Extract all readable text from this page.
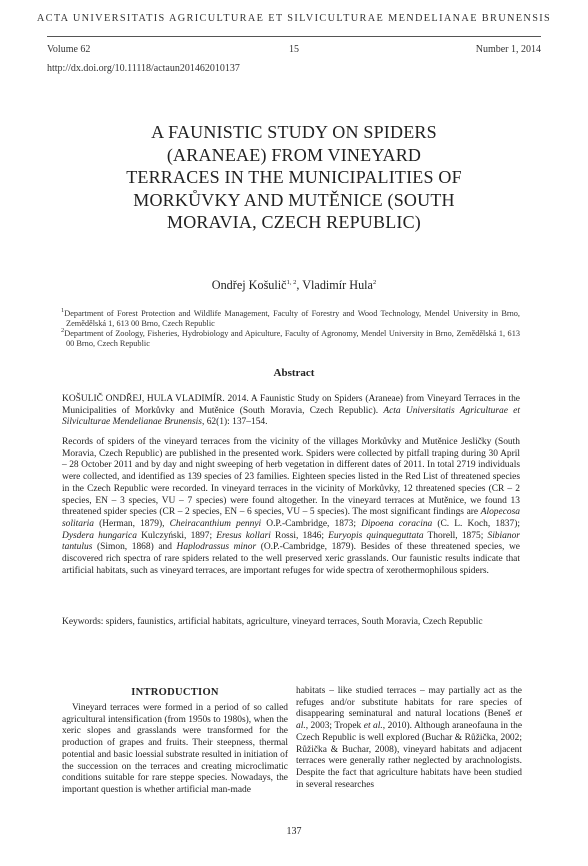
ACTA UNIVERSITATIS AGRICULTURAE ET SILVICULTURAE MENDELIANAE BRUNENSIS
Volume 62	15	Number 1, 2014
http://dx.doi.org/10.11118/actaun201462010137
A FAUNISTIC STUDY ON SPIDERS
(ARANEAE) FROM VINEYARD
TERRACES IN THE MUNICIPALITIES OF
MORKŮVKY AND MUTĚNICE (SOUTH
MORAVIA, CZECH REPUBLIC)
Ondřej Košulič$^{1, 2}$, Vladimír Hula$^2$
$^1$Department of Forest Protection and Wildlife Management, Faculty of Forestry and Wood Technology, Mendel University in Brno, Zemědělská 1, 613 00 Brno, Czech Republic
$^2$Department of Zoology, Fisheries, Hydrobiology and Apiculture, Faculty of Agronomy, Mendel University in Brno, Zemědělská 1, 613 00 Brno, Czech Republic
Abstract
KOŠULIČ ONDŘEJ, HULA VLADIMÍR. 2014. A Faunistic Study on Spiders (Araneae) from Vineyard Terraces in the Municipalities of Morkůvky and Mutěnice (South Moravia, Czech Republic). Acta Universitatis Agriculturae et Silviculturae Mendelianae Brunensis, 62(1): 137–154.
Records of spiders of the vineyard terraces from the vicinity of the villages Morkůvky and Mutěnice Jesličky (South Moravia, Czech Republic) are published in the presented work. Spiders were collected by pitfall traping during 30 April – 28 October 2011 and by day and night sweeping of herb vegetation in different dates of 2011. In total 2719 individuals were collected, and identified as 139 species of 23 families. Eighteen species listed in the Red List of threatened species in the Czech Republic were recorded. In vineyard terraces in the vicinity of Morkůvky, 12 threatened species (CR – 2 species, EN – 3 species, VU – 7 species) were found altogether. In the vineyard terraces at Mutěnice, we found 13 threatened spider species (CR – 2 species, EN – 6 species, VU – 5 species). The most significant findings are Alopecosa solitaria (Herman, 1879), Cheiracanthium pennyi O.P.-Cambridge, 1873; Dipoena coracina (C. L. Koch, 1837); Dysdera hungarica Kulczyński, 1897; Eresus kollari Rossi, 1846; Euryopis quinqueguttata Thorell, 1875; Sibianor tantulus (Simon, 1868) and Haplodrassus minor (O.P.-Cambridge, 1879). Besides of these threatened species, we discovered rich spectra of rare spiders related to the well preserved xeric grasslands. Our faunistic results indicate that artificial habitats, such as vineyard terraces, are important refuges for wide spectra of xerothermophilous spiders.
Keywords: spiders, faunistics, artificial habitats, agriculture, vineyard terraces, South Moravia, Czech Republic
INTRODUCTION
Vineyard terraces were formed in a period of so called agricultural intensification (from 1950s to 1980s), when the xeric slopes and grasslands were transformed for the production of grapes and fruits. Their steepness, thermal potential and basic loessial substrate resulted in initiation of the succession on the terraces and creating microclimatic conditions suitable for rare steppe species. Nowadays, the important question is whether artificial man-made
habitats – like studied terraces – may partially act as the refuges and/or substitute habitats for rare species of disappearing seminatural and natural locations (Beneš et al., 2003; Tropek et al., 2010). Although araneofauna in the Czech Republic is well explored (Buchar & Růžička, 2002; Růžička & Buchar, 2008), vineyard habitats and adjacent terraces were generally rather neglected by arachnologists. Despite the fact that agriculture habitats have been studied in several researches
137
